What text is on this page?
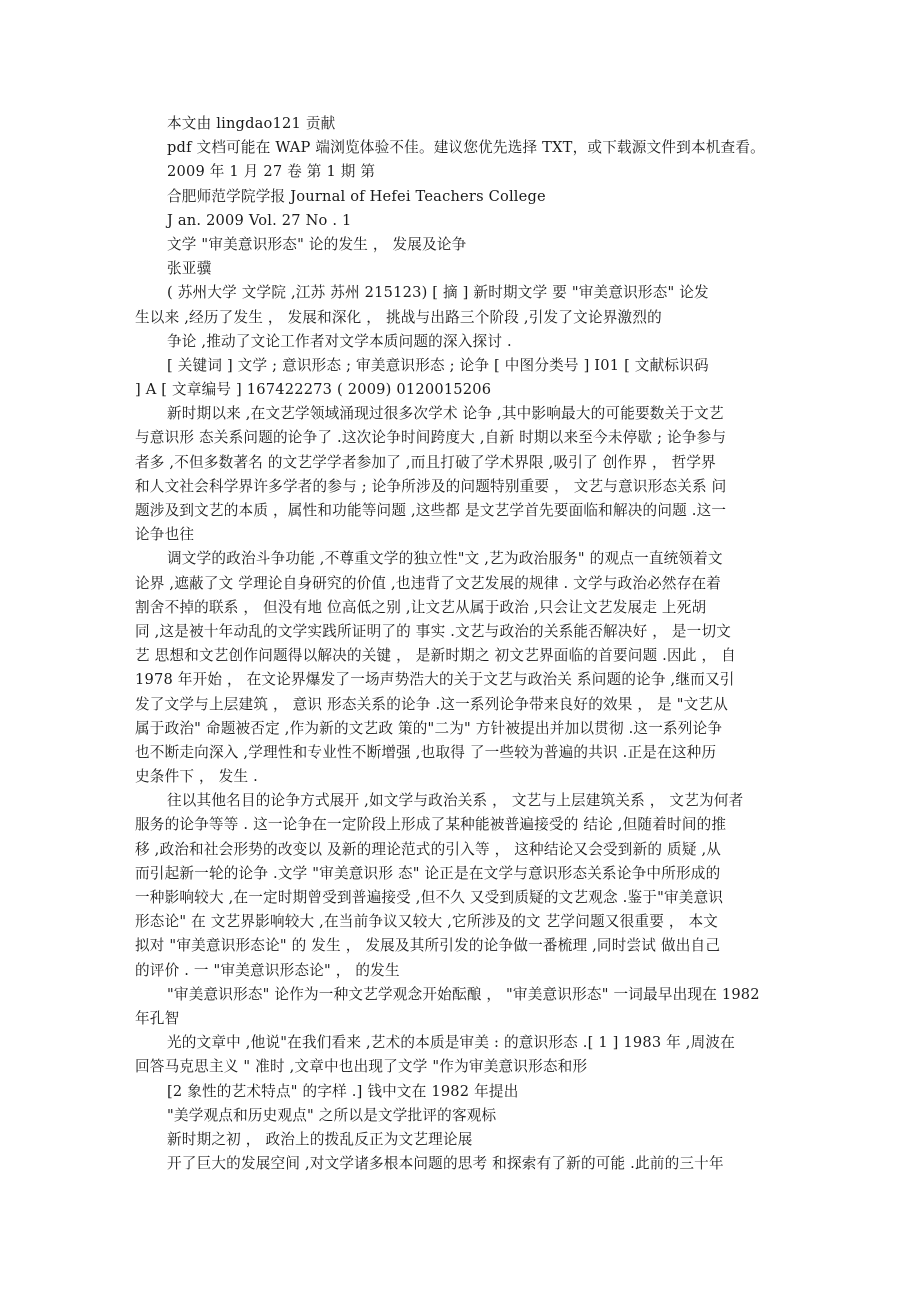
本文由 lingdao121 贡献
pdf 文档可能在 WAP 端浏览体验不佳。建议您优先选择 TXT，或下载源文件到本机查看。
2009 年 1 月 27 卷 第 1 期 第
合肥师范学院学报 Journal of Hefei Teachers College
J an. 2009 Vol. 27 No . 1
文学 "审美意识形态" 论的发生 ， 发展及论争
张亚骥
( 苏州大学 文学院 ,江苏 苏州 215123) [ 摘 ] 新时期文学 要 "审美意识形态" 论发
生以来 ,经历了发生 ， 发展和深化 ， 挑战与出路三个阶段 ,引发了文论界激烈的
争论 ,推动了文论工作者对文学本质问题的深入探讨 .
[ 关键词 ] 文学 ; 意识形态 ; 审美意识形态 ; 论争 [ 中图分类号 ] I01 [ 文献标识码
] A [ 文章编号 ] 167422273 ( 2009) 0120015206
新时期以来 ,在文艺学领域涌现过很多次学术 论争 ,其中影响最大的可能要数关于文艺
与意识形 态关系问题的论争了 .这次论争时间跨度大 ,自新 时期以来至今未停歇 ; 论争参与
者多 ,不但多数著名 的文艺学学者参加了 ,而且打破了学术界限 ,吸引了 创作界 ， 哲学界
和人文社会科学界许多学者的参与 ; 论争所涉及的问题特别重要 ， 文艺与意识形态关系 问
题涉及到文艺的本质 ，属性和功能等问题 ,这些都 是文艺学首先要面临和解决的问题 .这一
论争也往
调文学的政治斗争功能 ,不尊重文学的独立性"文 ,艺为政治服务" 的观点一直统领着文
论界 ,遮蔽了文 学理论自身研究的价值 ,也违背了文艺发展的规律 . 文学与政治必然存在着
割舍不掉的联系 ， 但没有地 位高低之别 ,让文艺从属于政治 ,只会让文艺发展走 上死胡
同 ,这是被十年动乱的文学实践所证明了的 事实 .文艺与政治的关系能否解决好 ， 是一切文
艺 思想和文艺创作问题得以解决的关键 ， 是新时期之 初文艺界面临的首要问题 .因此 ， 自
1978 年开始 ， 在文论界爆发了一场声势浩大的关于文艺与政治关 系问题的论争 ,继而又引
发了文学与上层建筑 ， 意识 形态关系的论争 .这一系列论争带来良好的效果 ， 是 "文艺从
属于政治" 命题被否定 ,作为新的文艺政 策的"二为" 方针被提出并加以贯彻 .这一系列论争
也不断走向深入 ,学理性和专业性不断增强 ,也取得 了一些较为普遍的共识 .正是在这种历
史条件下 ， 发生 .
往以其他名目的论争方式展开 ,如文学与政治关系 ， 文艺与上层建筑关系 ， 文艺为何者
服务的论争等等 . 这一论争在一定阶段上形成了某种能被普遍接受的 结论 ,但随着时间的推
移 ,政治和社会形势的改变以 及新的理论范式的引入等 ， 这种结论又会受到新的 质疑 ,从
而引起新一轮的论争 .文学 "审美意识形 态" 论正是在文学与意识形态关系论争中所形成的
一种影响较大 ,在一定时期曾受到普遍接受 ,但不久 又受到质疑的文艺观念 .鉴于"审美意识
形态论" 在 文艺界影响较大 ,在当前争议又较大 ,它所涉及的文 艺学问题又很重要 ， 本文
拟对 "审美意识形态论" 的 发生 ， 发展及其所引发的论争做一番梳理 ,同时尝试 做出自己
的评价 . 一 "审美意识形态论" ， 的发生
"审美意识形态" 论作为一种文艺学观念开始酝酿 ， "审美意识形态" 一词最早出现在 1982
年孔智
光的文章中 ,他说"在我们看来 ,艺术的本质是审美 : 的意识形态 .[ 1 ] 1983 年 ,周波在
回答马克思主义 " 准时 ,文章中也出现了文学 "作为审美意识形态和形
[2 象性的艺术特点" 的字样 .] 钱中文在 1982 年提出
"美学观点和历史观点" 之所以是文学批评的客观标
新时期之初 ， 政治上的拨乱反正为文艺理论展
开了巨大的发展空间 ,对文学诸多根本问题的思考 和探索有了新的可能 .此前的三十年
